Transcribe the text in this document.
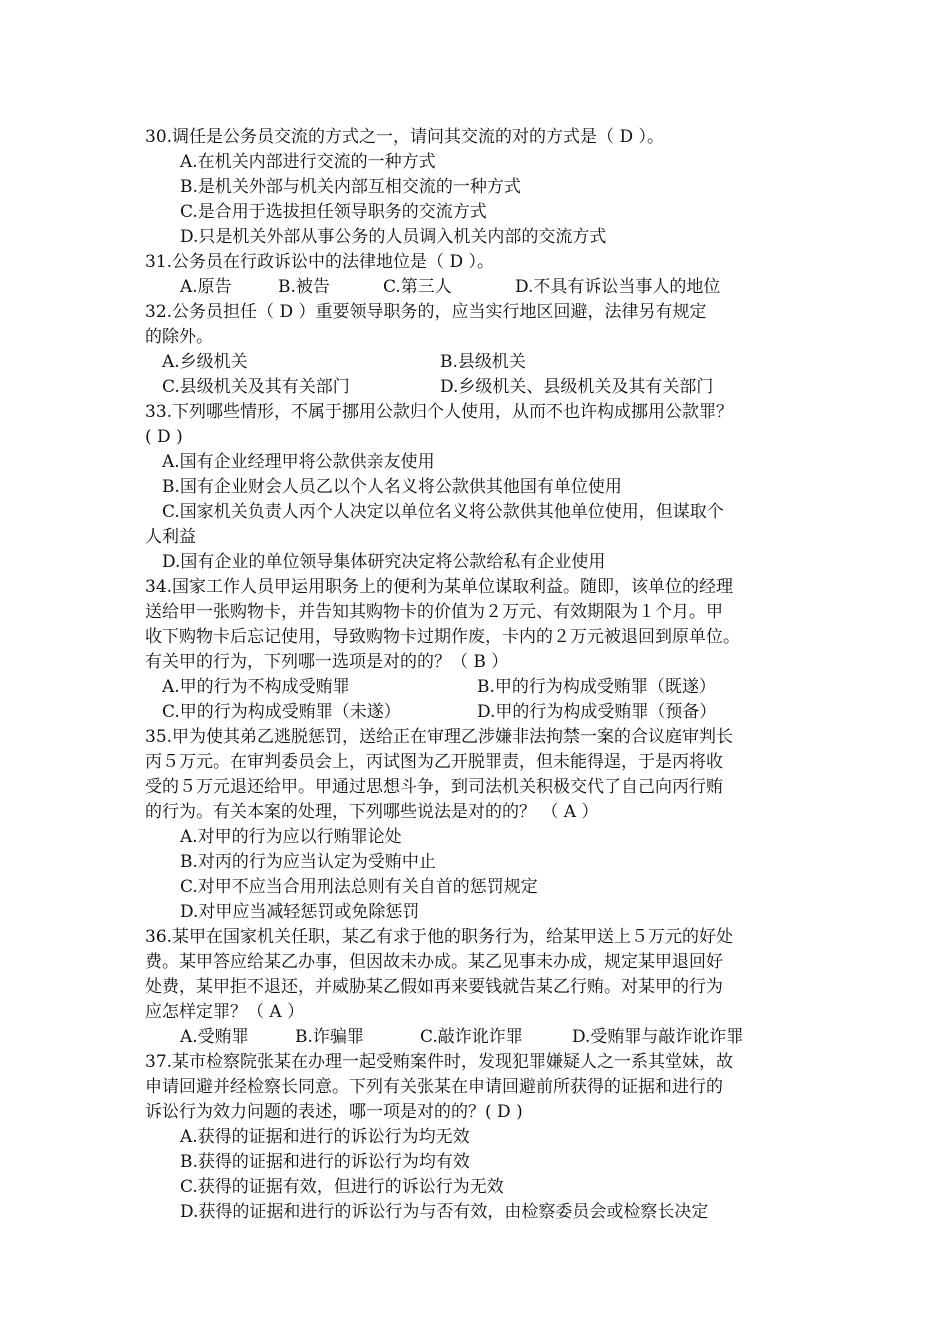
30.调任是公务员交流的方式之一，请问其交流的对的方式是（ D ）。
A.在机关内部进行交流的一种方式
B.是机关外部与机关内部互相交流的一种方式
C.是合用于选拔担任领导职务的交流方式
D.只是机关外部从事公务的人员调入机关内部的交流方式
31.公务员在行政诉讼中的法律地位是（ D ）。
A.原告	B.被告	C.第三人	D.不具有诉讼当事人的地位
32.公务员担任（ D ）重要领导职务的，应当实行地区回避，法律另有规定
的除外。
A.乡级机关	B.县级机关
C.县级机关及其有关部门	D.乡级机关、县级机关及其有关部门
33.下列哪些情形，不属于挪用公款归个人使用，从而不也许构成挪用公款罪？
( D )
A.国有企业经理甲将公款供亲友使用
B.国有企业财会人员乙以个人名义将公款供其他国有单位使用
C.国家机关负责人丙个人决定以单位名义将公款供其他单位使用，但谋取个
人利益
D.国有企业的单位领导集体研究决定将公款给私有企业使用
34.国家工作人员甲运用职务上的便利为某单位谋取利益。随即，该单位的经理
送给甲一张购物卡，并告知其购物卡的价值为２万元、有效期限为１个月。甲
收下购物卡后忘记使用，导致购物卡过期作废，卡内的２万元被退回到原单位。
有关甲的行为，下列哪一选项是对的的？（ B ）
A.甲的行为不构成受贿罪	B.甲的行为构成受贿罪（既遂）
C.甲的行为构成受贿罪（未遂）	D.甲的行为构成受贿罪（预备）
35.甲为使其弟乙逃脱惩罚，送给正在审理乙涉嫌非法拘禁一案的合议庭审判长
丙５万元。在审判委员会上，丙试图为乙开脱罪责，但未能得逞，于是丙将收
受的５万元退还给甲。甲通过思想斗争，到司法机关积极交代了自己向丙行贿
的行为。有关本案的处理，下列哪些说法是对的的？ （ A ）
A.对甲的行为应以行贿罪论处
B.对丙的行为应当认定为受贿中止
C.对甲不应当合用刑法总则有关自首的惩罚规定
D.对甲应当减轻惩罚或免除惩罚
36.某甲在国家机关任职，某乙有求于他的职务行为，给某甲送上５万元的好处
费。某甲答应给某乙办事，但因故未办成。某乙见事未办成，规定某甲退回好
处费，某甲拒不退还，并威胁某乙假如再来要钱就告某乙行贿。对某甲的行为
应怎样定罪？（ A ）
A.受贿罪	B.诈骗罪	C.敲诈讹诈罪	D.受贿罪与敲诈讹诈罪
37.某市检察院张某在办理一起受贿案件时，发现犯罪嫌疑人之一系其堂妹，故
申请回避并经检察长同意。下列有关张某在申请回避前所获得的证据和进行的
诉讼行为效力问题的表述，哪一项是对的的？( D )
A.获得的证据和进行的诉讼行为均无效
B.获得的证据和进行的诉讼行为均有效
C.获得的证据有效，但进行的诉讼行为无效
D.获得的证据和进行的诉讼行为与否有效，由检察委员会或检察长决定
